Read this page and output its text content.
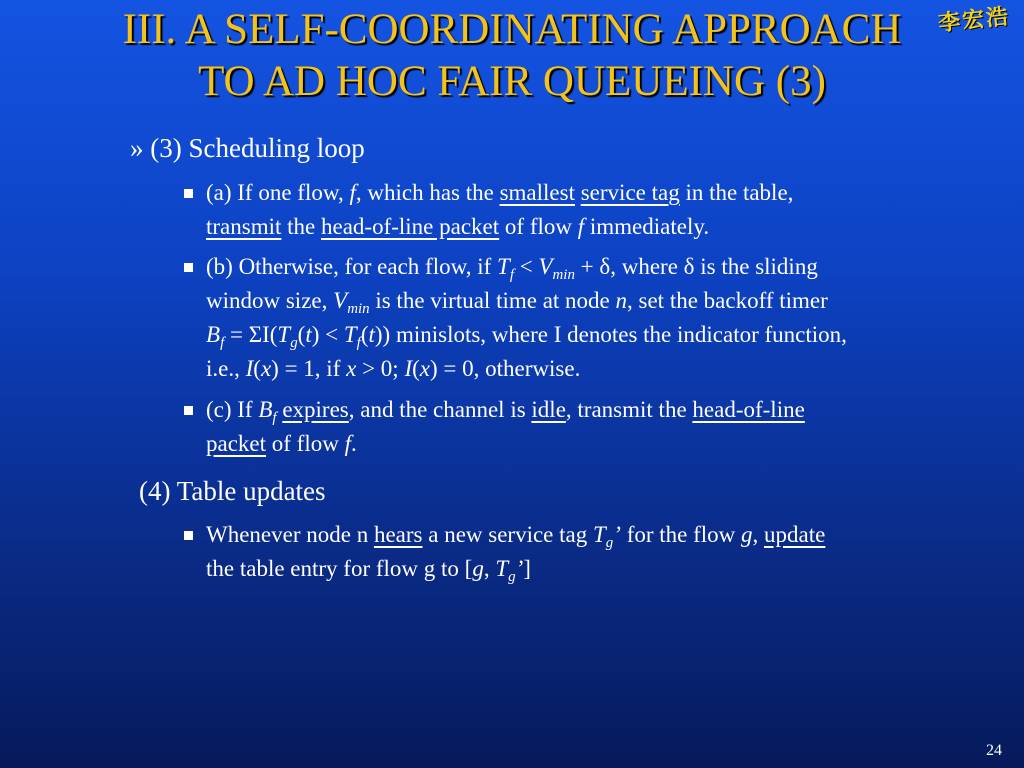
III. A SELF-COORDINATING APPROACH
TO AD HOC FAIR QUEUEING (3)
李宏浩
» (3) Scheduling loop
(a) If one flow, f, which has the smallest service tag in the table,
transmit the head-of-line packet of flow f immediately.
(b) Otherwise, for each flow, if $T_f < V_{min} + \delta$, where δ is the sliding
window size, $V_{min}$ is the virtual time at node n, set the backoff timer
$B_f = \Sigma I(T_g(t) < T_f(t))$ minislots, where I denotes the indicator function,
i.e., I(x) = 1, if x > 0; I(x) = 0, otherwise.
(c) If $B_f$ expires, and the channel is idle, transmit the head-of-line
packet of flow f.
(4) Table updates
Whenever node n hears a new service tag $T_g$’ for the flow g, update
the table entry for flow g to [g, $T_g$’]
24
